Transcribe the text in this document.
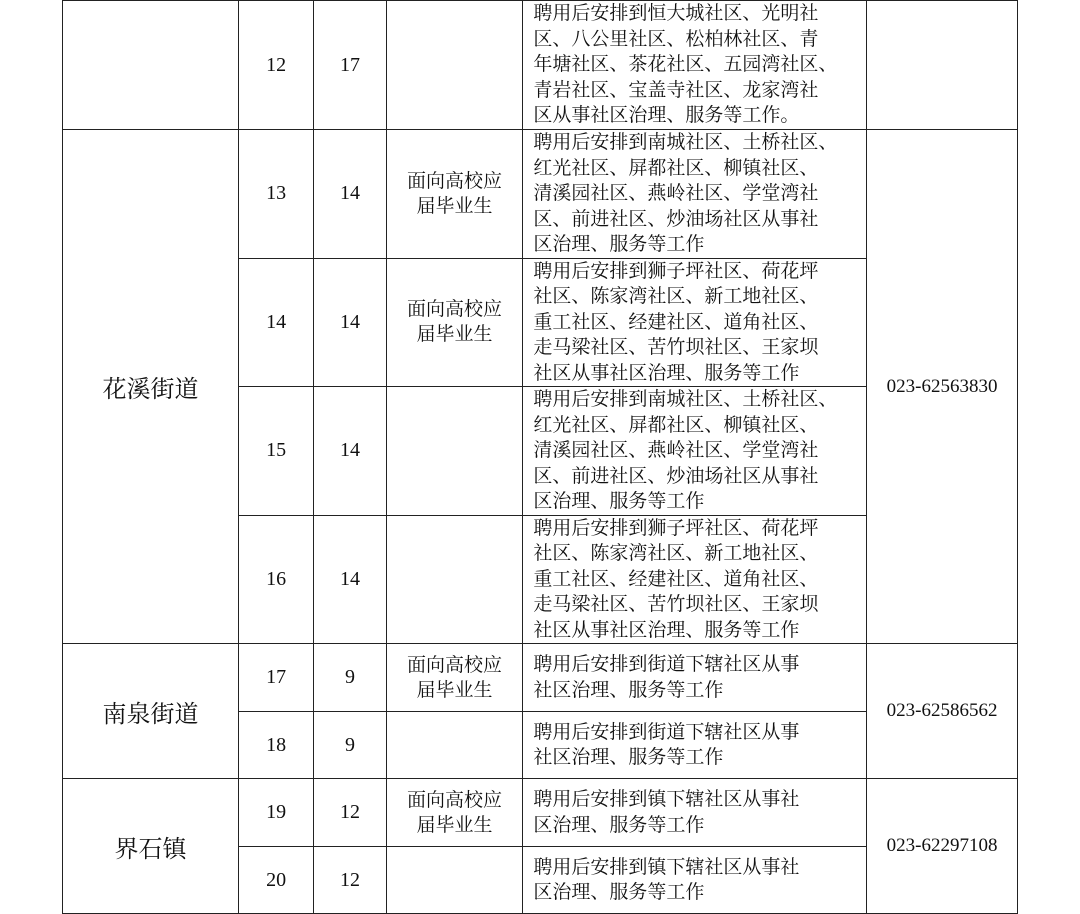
	12	17		聘用后安排到恒大城社区、光明社
区、八公里社区、松柏林社区、青
年塘社区、茶花社区、五园湾社区、
青岩社区、宝盖寺社区、龙家湾社
区从事社区治理、服务等工作。	

花溪街道	13	14	面向高校应
届毕业生	聘用后安排到南城社区、土桥社区、
红光社区、屏都社区、柳镇社区、
清溪园社区、燕岭社区、学堂湾社
区、前进社区、炒油场社区从事社
区治理、服务等工作	023-62563830
	14	14	面向高校应
届毕业生	聘用后安排到狮子坪社区、荷花坪
社区、陈家湾社区、新工地社区、
重工社区、经建社区、道角社区、
走马梁社区、苦竹坝社区、王家坝
社区从事社区治理、服务等工作	

	15	14		聘用后安排到南城社区、土桥社区、
红光社区、屏都社区、柳镇社区、
清溪园社区、燕岭社区、学堂湾社
区、前进社区、炒油场社区从事社
区治理、服务等工作	

	16	14		聘用后安排到狮子坪社区、荷花坪
社区、陈家湾社区、新工地社区、
重工社区、经建社区、道角社区、
走马梁社区、苦竹坝社区、王家坝
社区从事社区治理、服务等工作	

南泉街道	17	9	面向高校应
届毕业生	聘用后安排到街道下辖社区从事
社区治理、服务等工作	023-62586562
	18	9		聘用后安排到街道下辖社区从事
社区治理、服务等工作	

界石镇	19	12	面向高校应
届毕业生	聘用后安排到镇下辖社区从事社
区治理、服务等工作	023-62297108
	20	12		聘用后安排到镇下辖社区从事社
区治理、服务等工作	
